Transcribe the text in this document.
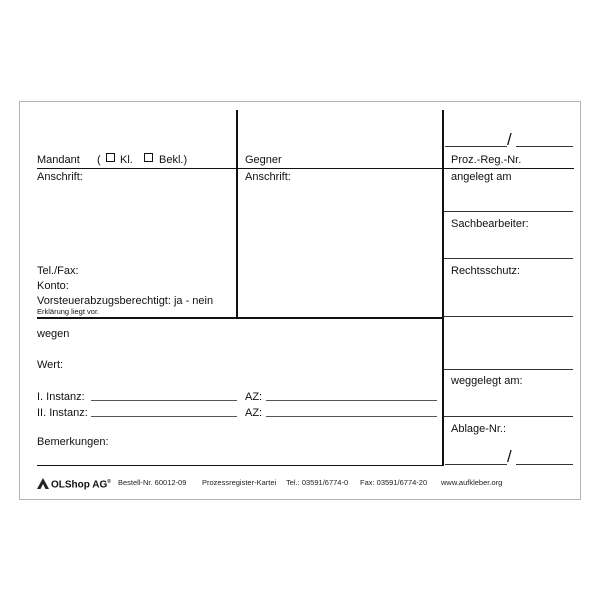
/
Mandant ( Kl. Bekl.)	Gegner	Proz.-Reg.-Nr.
Anschrift:
Tel./Fax:
Konto:
Vorsteuerabzugsberechtigt: ja - nein
Erklärung liegt vor.
Anschrift:	angelegt am
Sachbearbeiter:
Rechtsschutz:
weggelegt am:
Ablage-Nr.:
/
wegen
Wert:
I. Instanz:	AZ:
II. Instanz:	AZ:
Bemerkungen:
OLShop AG® Bestell-Nr. 60012-09 Prozessregister-Kartei Tel.: 03591/6774-0 Fax: 03591/6774-20 www.aufkleber.org
